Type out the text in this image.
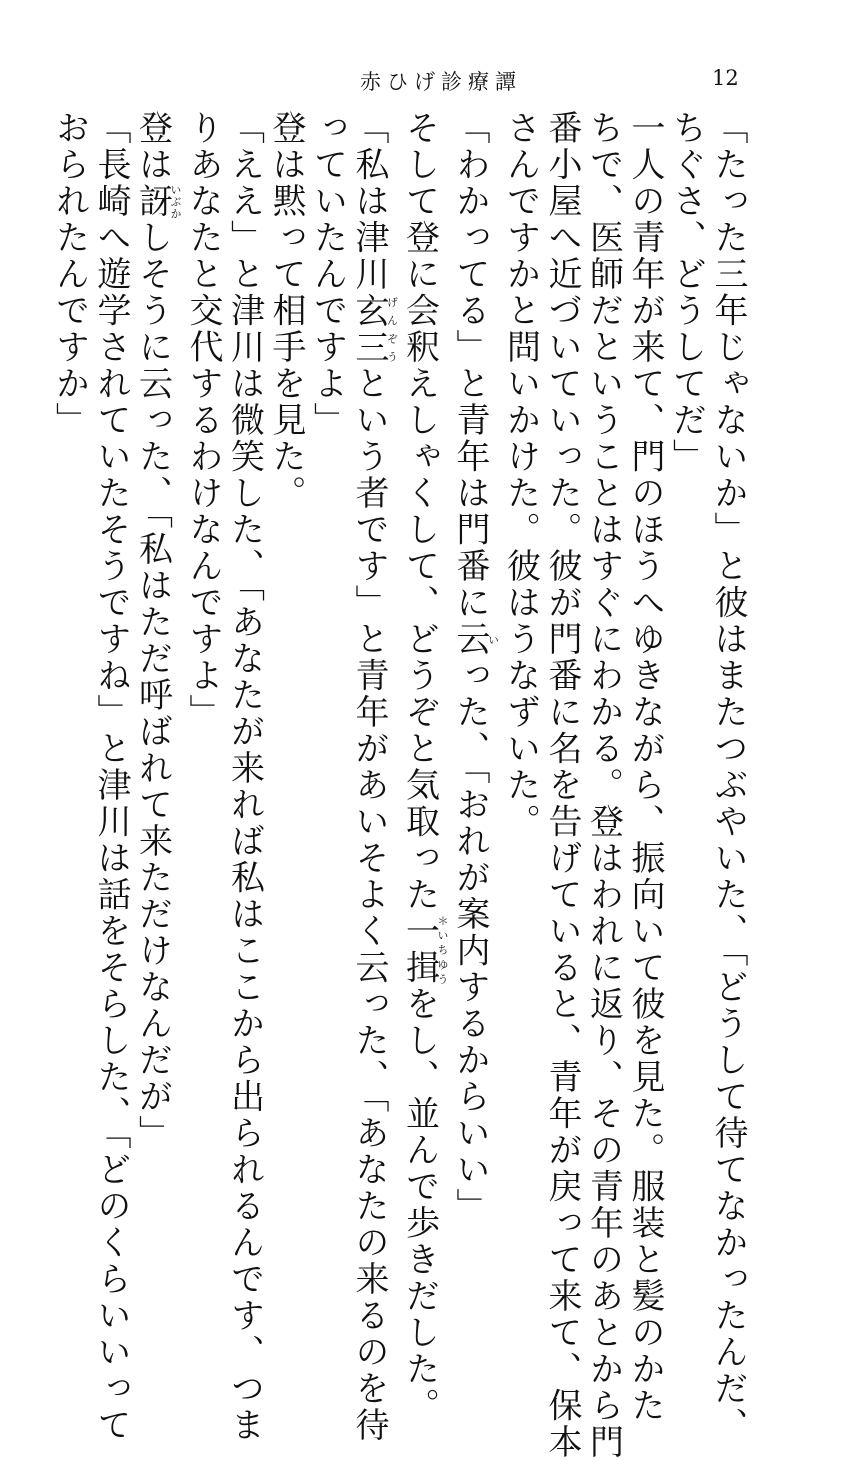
赤ひげ診療譚	12

「たった三年じゃないか」と彼はまたつぶやいた、「どうして待てなかったんだ、

ちぐさ、どうしてだ」

一人の青年が来て、門のほうへゆきながら、振向いて彼を見た。服装と髪のかた

ちで、医師だということはすぐにわかる。登はわれに返り、その青年のあとから門

番小屋へ近づいていった。彼が門番に名を告げていると、青年が戻って来て、保本

さんですかと問いかけた。彼はうなずいた。

「わかってる」と青年は門番に云いった、「おれが案内するからいい」

そして登に会釈えしゃくして、どうぞと気取った一揖＊いちゆうをし、並んで歩きだした。

「私は津川玄三げんぞうという者です」と青年があいそよく云った、「あなたの来るのを待

っていたんですよ」

登は黙って相手を見た。

「ええ」と津川は微笑した、「あなたが来れば私はここから出られるんです、つま

りあなたと交代するわけなんですよ」

登は訝いぶかしそうに云った、「私はただ呼ばれて来ただけなんだが」

「長崎へ遊学されていたそうですね」と津川は話をそらした、「どのくらいいって

おられたんですか」
